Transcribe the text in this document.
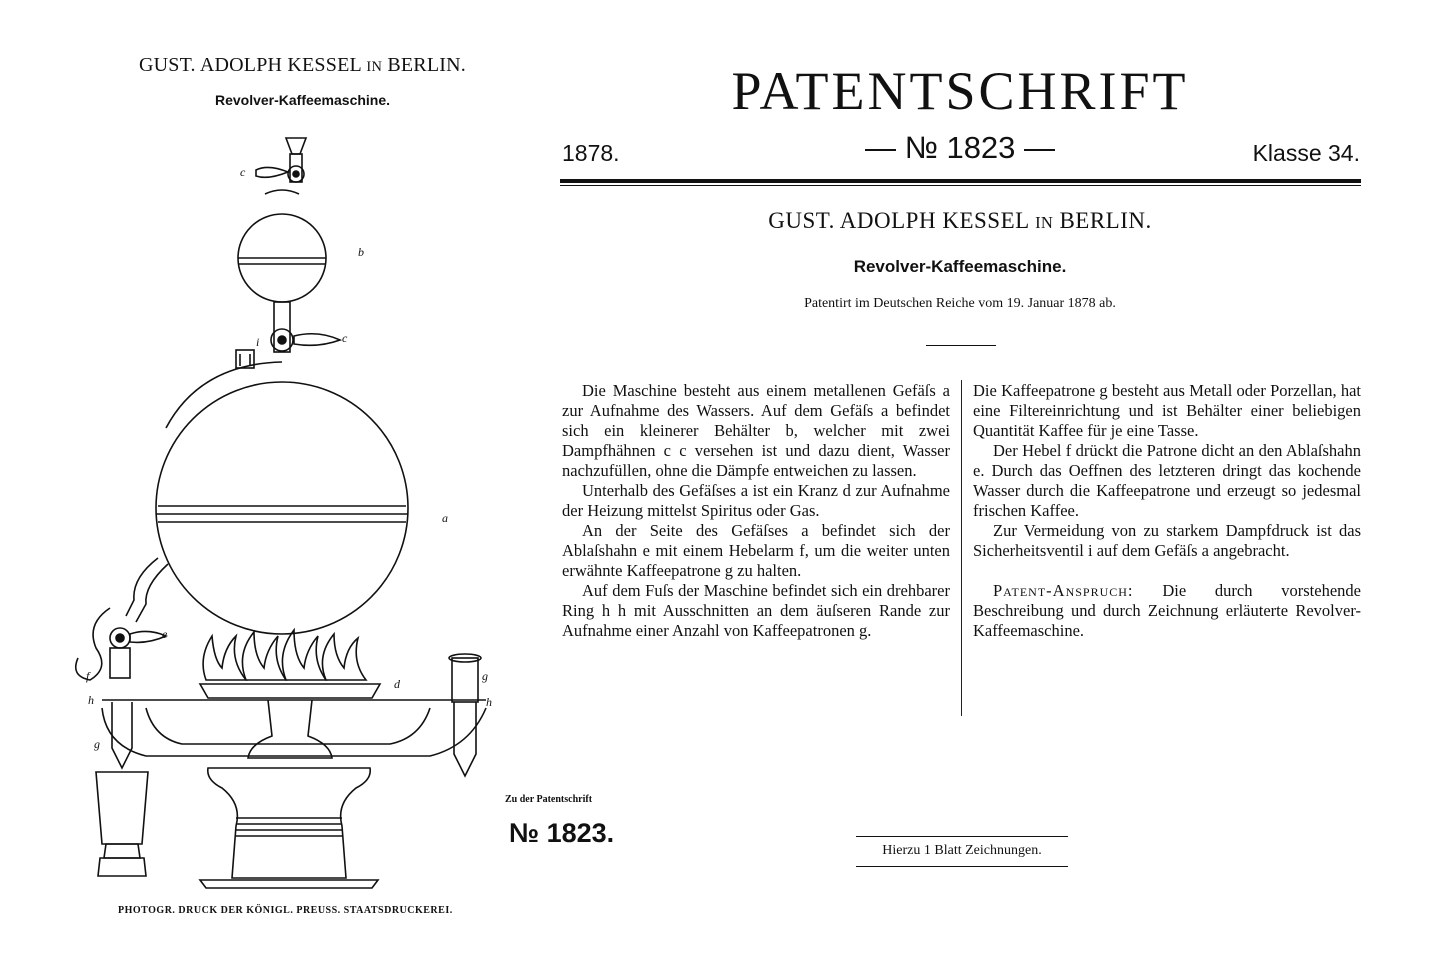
GUST. ADOLPH KESSEL IN BERLIN.
Revolver-Kaffeemaschine.
c
b
i	c
a
e
d
f
h
g
h
g
PHOTOGR. DRUCK DER KÖNIGL. PREUSS. STAATSDRUCKEREI.
Zu der Patentschrift
№ 1823.
PATENTSCHRIFT
1878.	— № 1823 —	Klasse 34.
GUST. ADOLPH KESSEL IN BERLIN.
Revolver-Kaffeemaschine.
Patentirt im Deutschen Reiche vom 19. Januar 1878 ab.

Die Maschine besteht aus einem metallenen Gefäſs a zur Aufnahme des Wassers. Auf dem Gefäſs a befindet sich ein kleinerer Behälter b, welcher mit zwei Dampfhähnen c c versehen ist und dazu dient, Wasser nachzufüllen, ohne die Dämpfe entweichen zu lassen.

Unterhalb des Gefäſses a ist ein Kranz d zur Aufnahme der Heizung mittelst Spiritus oder Gas.

An der Seite des Gefäſses a befindet sich der Ablaſshahn e mit einem Hebelarm f, um die weiter unten erwähnte Kaffeepatrone g zu halten.

Auf dem Fuſs der Maschine befindet sich ein drehbarer Ring h h mit Ausschnitten an dem äuſseren Rande zur Aufnahme einer Anzahl von Kaffeepatronen g.

Die Kaffeepatrone g besteht aus Metall oder Porzellan, hat eine Filtereinrichtung und ist Behälter einer beliebigen Quantität Kaffee für je eine Tasse.

Der Hebel f drückt die Patrone dicht an den Ablaſshahn e. Durch das Oeffnen des letzteren dringt das kochende Wasser durch die Kaffeepatrone und erzeugt so jedesmal frischen Kaffee.

Zur Vermeidung von zu starkem Dampfdruck ist das Sicherheitsventil i auf dem Gefäſs a angebracht.

Patent-Anspruch: Die durch vorstehende Beschreibung und durch Zeichnung erläuterte Revolver-Kaffeemaschine.

Hierzu 1 Blatt Zeichnungen.
